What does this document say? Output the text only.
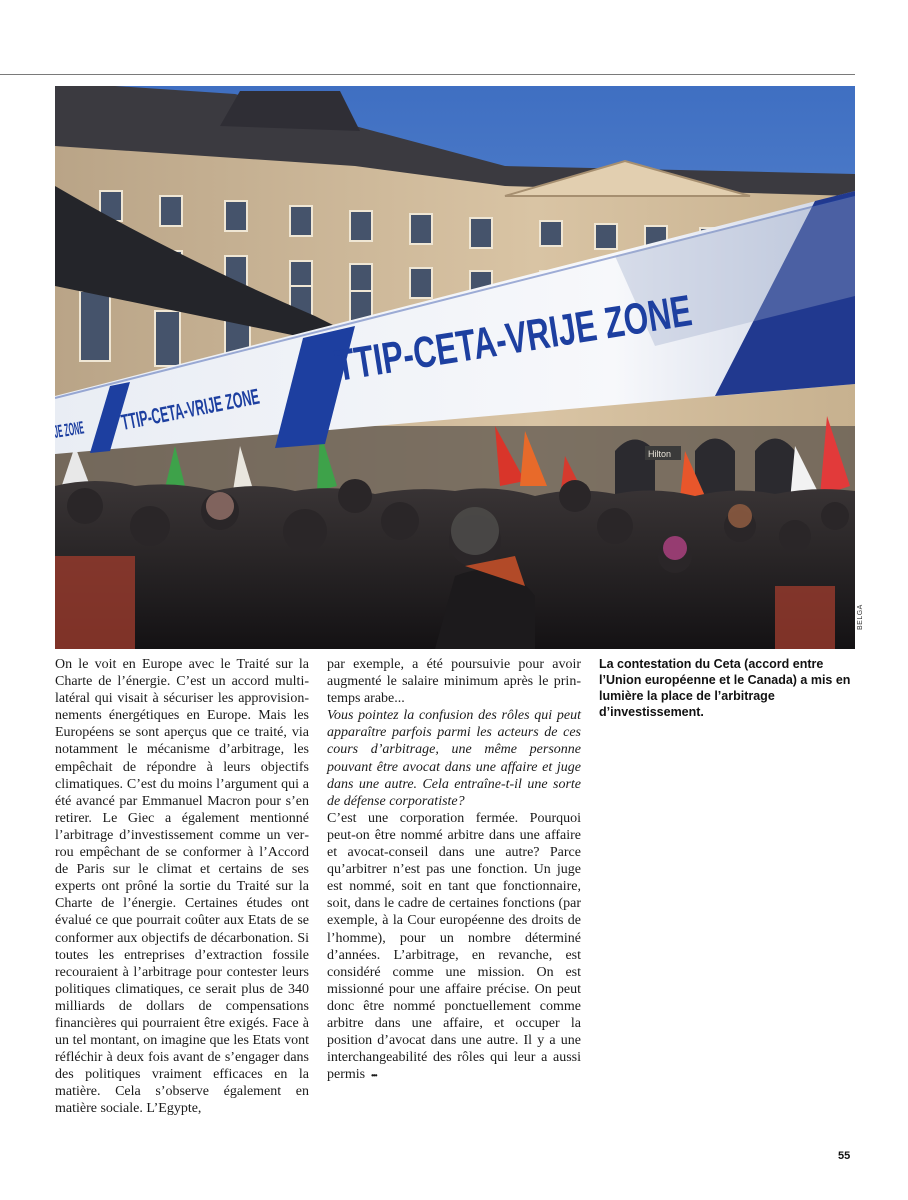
Hilton
TTIP-CETA-VRIJE ZONE
TTIP-CETA-VRIJE ZONE
BELGA

On le voit en Europe avec le Traité sur la Charte de l’énergie. C’est un accord multilatéral qui visait à sécuriser les approvisionnements énergétiques en Europe. Mais les Européens se sont aperçus que ce traité, via notamment le mécanisme d’arbitrage, les empêchait de répondre à leurs objectifs climatiques. C’est du moins l’argument qui a été avancé par Emmanuel Macron pour s’en retirer. Le Giec a également mentionné l’arbitrage d’investissement comme un verrou empêchant de se conformer à l’Accord de Paris sur le climat et certains de ses experts ont prôné la sortie du Traité sur la Charte de l’énergie. Certaines études ont évalué ce que pourrait coûter aux Etats de se conformer aux objectifs de décarbonation. Si toutes les entreprises d’extraction fossile recouraient à l’arbitrage pour contester leurs politiques climatiques, ce serait plus de 340 milliards de dollars de compensations financières qui pourraient être exigés. Face à un tel montant, on imagine que les Etats vont réfléchir à deux fois avant de s’engager dans des politiques vraiment efficaces en la matière. Cela s’observe également en matière sociale. L’Egypte,

par exemple, a été poursuivie pour avoir augmenté le salaire minimum après le printemps arabe...

Vous pointez la confusion des rôles qui peut apparaître parfois parmi les acteurs de ces cours d’arbitrage, une même personne pouvant être avocat dans une affaire et juge dans une autre. Cela entraîne-t-il une sorte de défense corporatiste?

C’est une corporation fermée. Pourquoi peut-on être nommé arbitre dans une affaire et avocat-conseil dans une autre? Parce qu’arbitrer n’est pas une fonction. Un juge est nommé, soit en tant que fonctionnaire, soit, dans le cadre de certaines fonctions (par exemple, à la Cour européenne des droits de l’homme), pour un nombre déterminé d’années. L’arbitrage, en revanche, est considéré comme une mission. On est missionné pour une affaire précise. On peut donc être nommé ponctuellement comme arbitre dans une affaire, et occuper la position d’avocat dans une autre. Il y a une interchangeabilité des rôles qui leur a aussi permis •••

La contestation du Ceta (accord entre l’Union européenne et le Canada) a mis en lumière la place de l’arbitrage d’investissement.
55
